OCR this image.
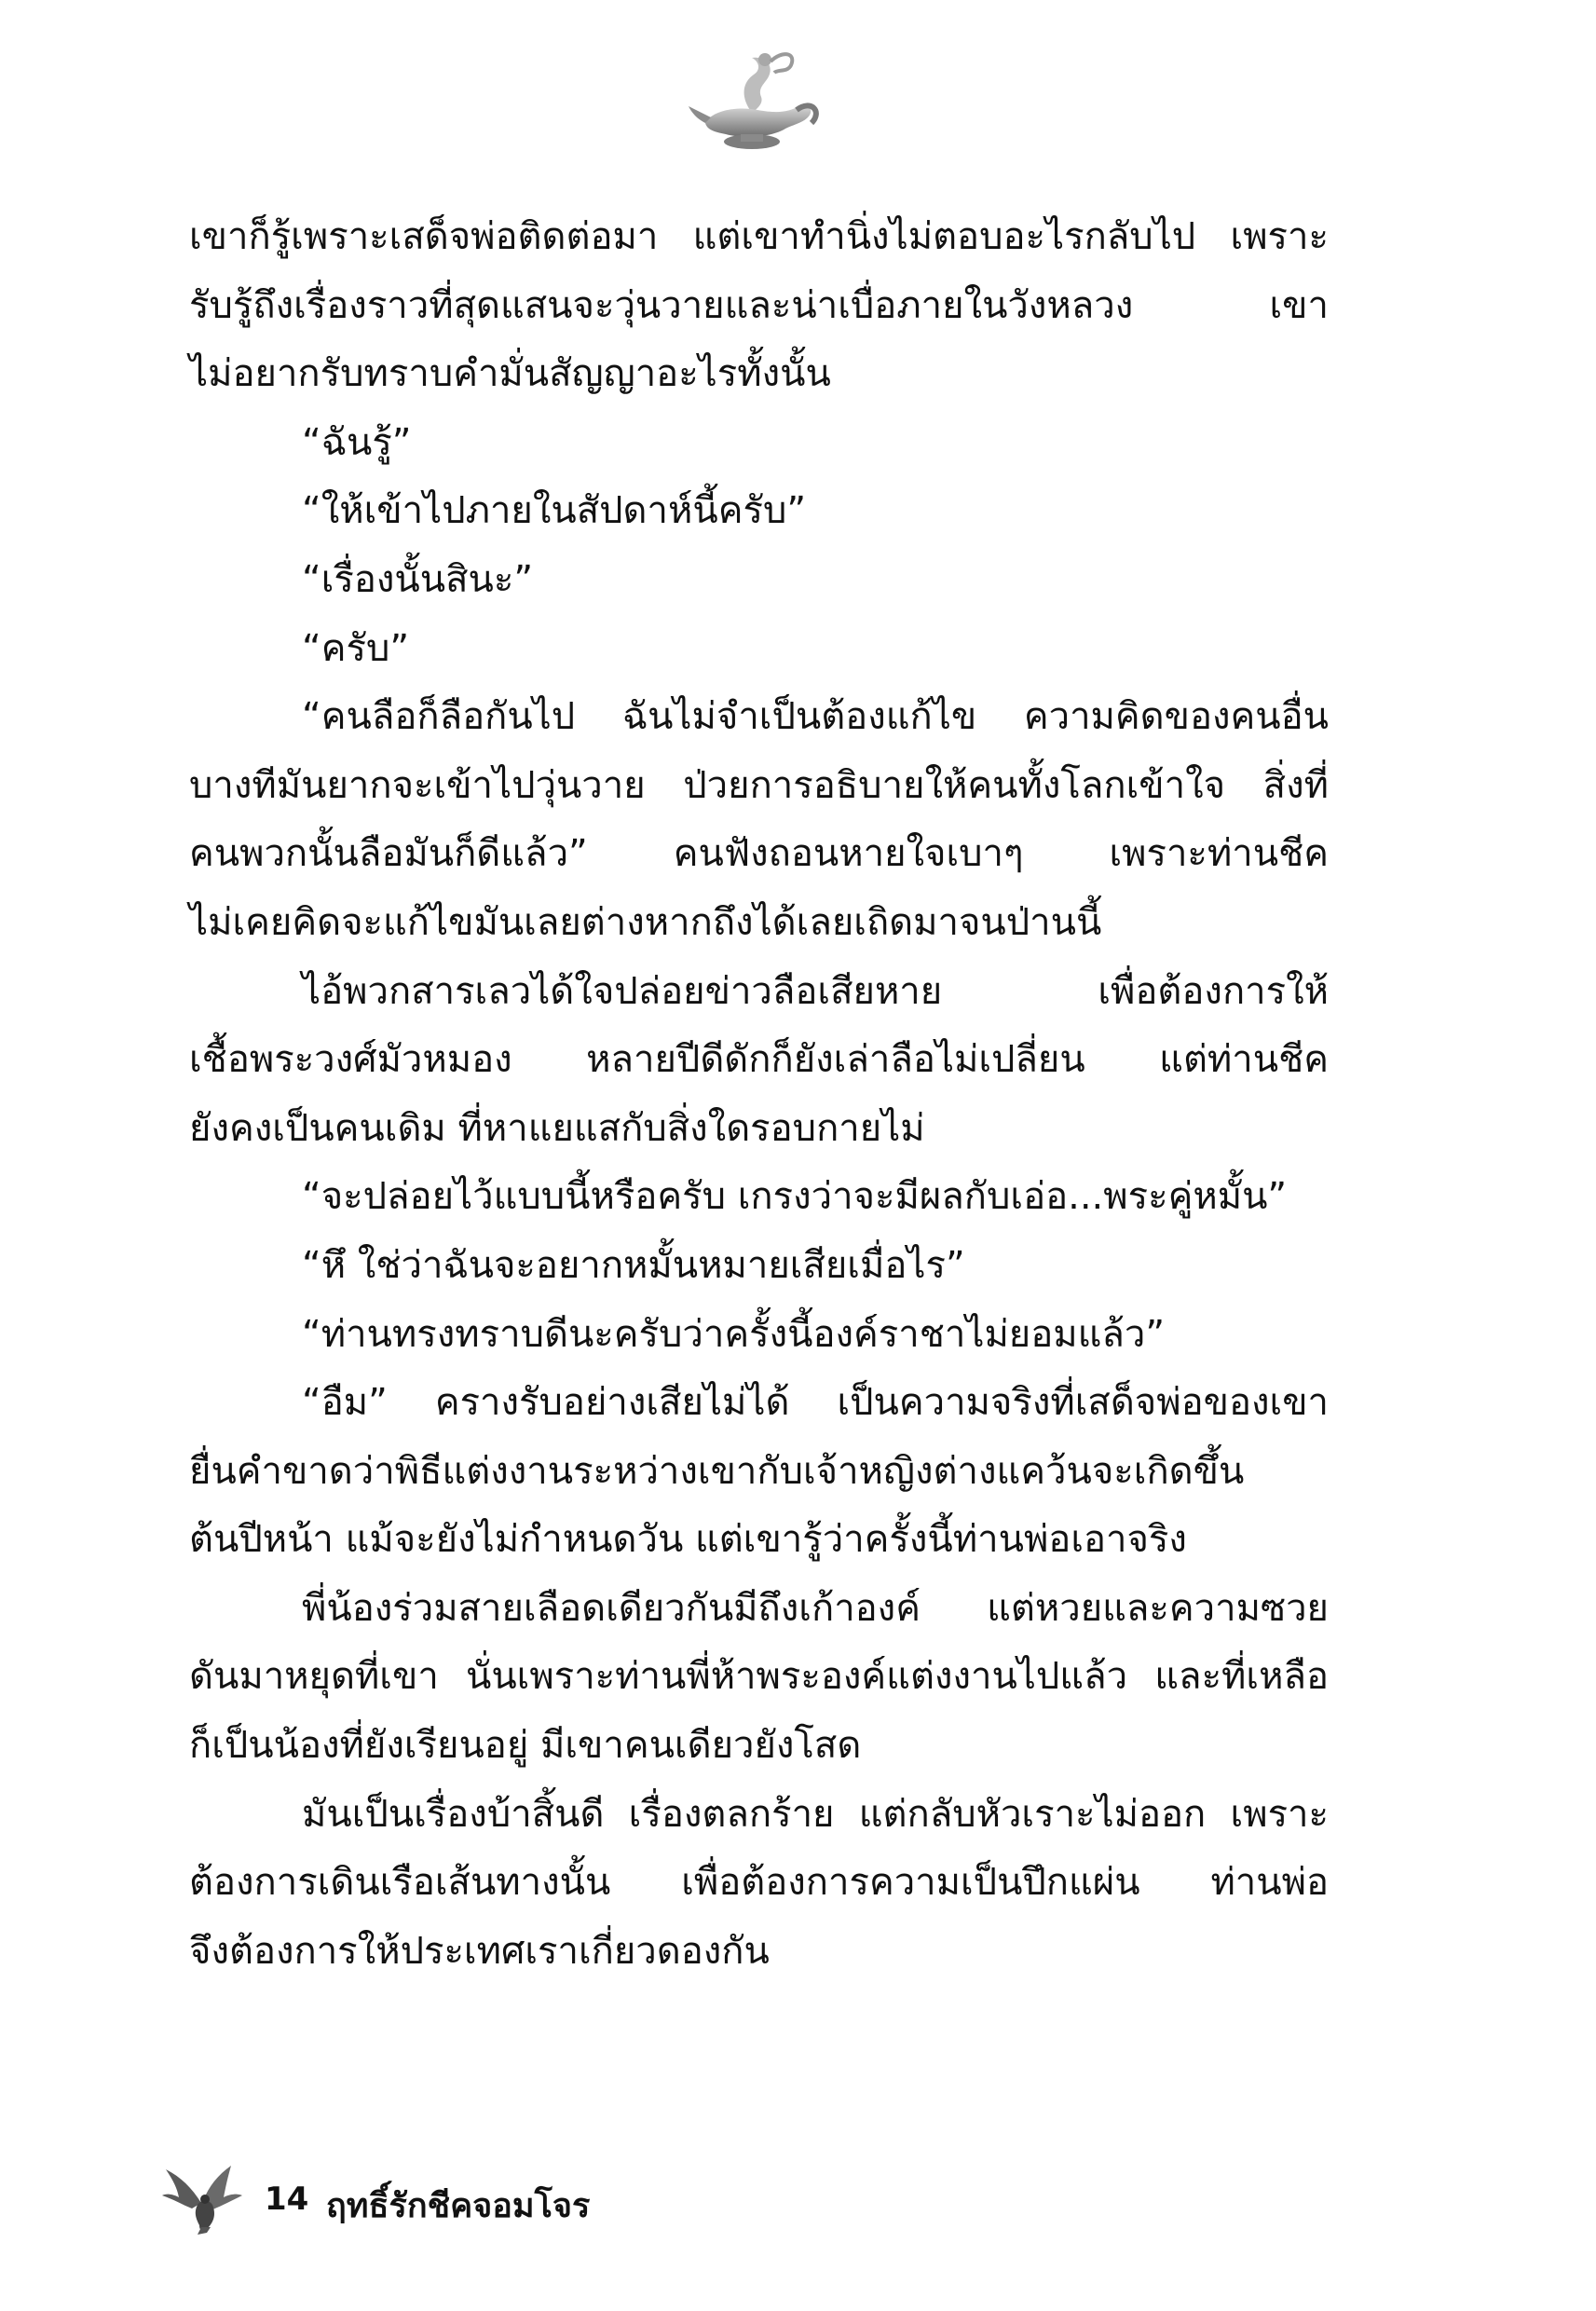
เขาก็รู้เพราะเสด็จพ่อติดต่อมา แต่เขาทำนิ่งไม่ตอบอะไรกลับไป เพราะ
รับรู้ถึงเรื่องราวที่สุดแสนจะวุ่นวายและน่าเบื่อภายในวังหลวง เขา
ไม่อยากรับทราบคำมั่นสัญญาอะไรทั้งนั้น
“ฉันรู้”
“ให้เข้าไปภายในสัปดาห์นี้ครับ”
“เรื่องนั้นสินะ”
“ครับ”
“คนลือก็ลือกันไป ฉันไม่จำเป็นต้องแก้ไข ความคิดของคนอื่น
บางทีมันยากจะเข้าไปวุ่นวาย ป่วยการอธิบายให้คนทั้งโลกเข้าใจ สิ่งที่
คนพวกนั้นลือมันก็ดีแล้ว” คนฟังถอนหายใจเบาๆ เพราะท่านชีค
ไม่เคยคิดจะแก้ไขมันเลยต่างหากถึงได้เลยเถิดมาจนป่านนี้
ไอ้พวกสารเลวได้ใจปล่อยข่าวลือเสียหาย เพื่อต้องการให้
เชื้อพระวงศ์มัวหมอง หลายปีดีดักก็ยังเล่าลือไม่เปลี่ยน แต่ท่านชีค
ยังคงเป็นคนเดิม ที่หาแยแสกับสิ่งใดรอบกายไม่
“จะปล่อยไว้แบบนี้หรือครับ เกรงว่าจะมีผลกับเอ่อ...พระคู่หมั้น”
“หึ ใช่ว่าฉันจะอยากหมั้นหมายเสียเมื่อไร”
“ท่านทรงทราบดีนะครับว่าครั้งนี้องค์ราชาไม่ยอมแล้ว”
“อืม” ครางรับอย่างเสียไม่ได้ เป็นความจริงที่เสด็จพ่อของเขา
ยื่นคำขาดว่าพิธีแต่งงานระหว่างเขากับเจ้าหญิงต่างแคว้นจะเกิดขึ้น
ต้นปีหน้า แม้จะยังไม่กำหนดวัน แต่เขารู้ว่าครั้งนี้ท่านพ่อเอาจริง
พี่น้องร่วมสายเลือดเดียวกันมีถึงเก้าองค์ แต่หวยและความซวย
ดันมาหยุดที่เขา นั่นเพราะท่านพี่ห้าพระองค์แต่งงานไปแล้ว และที่เหลือ
ก็เป็นน้องที่ยังเรียนอยู่ มีเขาคนเดียวยังโสด
มันเป็นเรื่องบ้าสิ้นดี เรื่องตลกร้าย แต่กลับหัวเราะไม่ออก เพราะ
ต้องการเดินเรือเส้นทางนั้น เพื่อต้องการความเป็นปึกแผ่น ท่านพ่อ
จึงต้องการให้ประเทศเราเกี่ยวดองกัน
14 ฤทธิ์รักชีคจอมโจร
